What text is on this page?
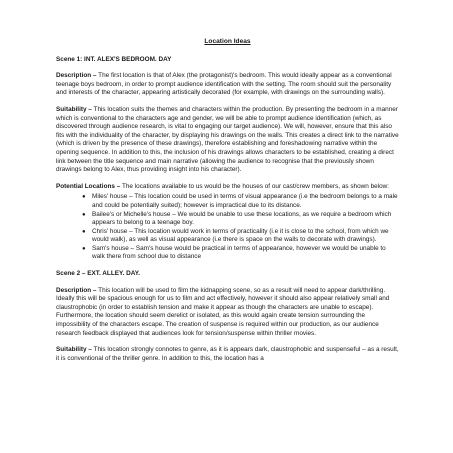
Location Ideas
Scene 1: INT. ALEX'S BEDROOM. DAY

Description – The first location is that of Alex (the protagonist)'s bedroom. This would ideally appear as a conventional teenage boys bedroom, in order to prompt audience identification with the setting. The room should suit the personality and interests of the character, appearing artistically decorated (for example, with drawings on the surrounding walls).

Suitability – This location suits the themes and characters within the production. By presenting the bedroom in a manner which is conventional to the characters age and gender, we will be able to prompt audience identification (which, as discovered through audience research, is vital to engaging our target audience). We will, however, ensure that this also fits with the individuality of the character, by displaying his drawings on the walls. This creates a direct link to the narrative (which is driven by the presence of these drawings), therefore establishing and foreshadowing narrative within the opening sequence. In addition to this, the inclusion of his drawings allows characters to be established, creating a direct link between the title sequence and main narrative (allowing the audience to recognise that the previously shown drawings belong to Alex, thus providing insight into his character).

Potential Locations – The locations available to us would be the houses of our cast/crew members, as shown below:

● Miles' house – This location could be used in terms of visual appearance (i.e the bedroom belongs to a male and could be potentially suited); however is impractical due to its distance.
● Bailee's or Michelle's house – We would be unable to use these locations, as we require a bedroom which appears to belong to a teenage boy.
● Chris' house – This location would work in terms of practicality (i.e it is close to the school, from which we would walk), as well as visual appearance (i.e there is space on the walls to decorate with drawings).
● Sam's house – Sam's house would be practical in terms of appearance, however we would be unable to walk there from school due to distance
Scene 2 – EXT. ALLEY. DAY.

Description – This location will be used to film the kidnapping scene, so as a result will need to appear dark/thrilling. Ideally this will be spacious enough for us to film and act effectively, however it should also appear relatively small and claustrophobic (in order to establish tension and make it appear as though the characters are unable to escape). Furthermore, the location should seem derelict or isolated, as this would again create tension surrounding the impossibility of the characters escape. The creation of suspense is required within our production, as our audience research feedback displayed that audiences look for tension/suspense within thriller movies.

Suitability – This location strongly connotes to genre, as it is appears dark, claustrophobic and suspenseful – as a result, it is conventional of the thriller genre. In addition to this, the location has a
